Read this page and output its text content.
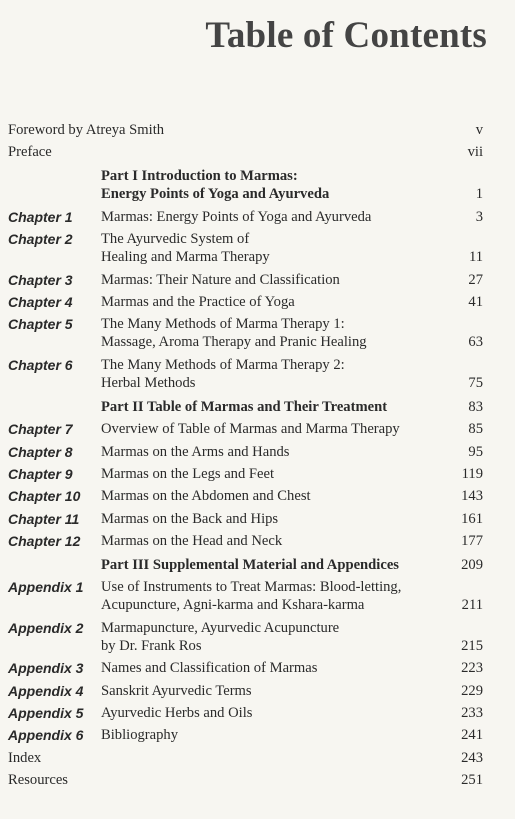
Table of Contents
Foreword by Atreya Smith	v
Preface	vii
Part I Introduction to Marmas:
Energy Points of Yoga and Ayurveda	1
Chapter 1	Marmas: Energy Points of Yoga and Ayurveda	3
Chapter 2	The Ayurvedic System of
Healing and Marma Therapy	11
Chapter 3	Marmas: Their Nature and Classification	27
Chapter 4	Marmas and the Practice of Yoga	41
Chapter 5	The Many Methods of Marma Therapy 1:
Massage, Aroma Therapy and Pranic Healing	63
Chapter 6	The Many Methods of Marma Therapy 2:
Herbal Methods	75
Part II Table of Marmas and Their Treatment	83
Chapter 7	Overview of Table of Marmas and Marma Therapy	85
Chapter 8	Marmas on the Arms and Hands	95
Chapter 9	Marmas on the Legs and Feet	119
Chapter 10	Marmas on the Abdomen and Chest	143
Chapter 11	Marmas on the Back and Hips	161
Chapter 12	Marmas on the Head and Neck	177
Part III Supplemental Material and Appendices	209
Appendix 1	Use of Instruments to Treat Marmas: Blood-letting,
Acupuncture, Agni-karma and Kshara-karma	211
Appendix 2	Marmapuncture, Ayurvedic Acupuncture
by Dr. Frank Ros	215
Appendix 3	Names and Classification of Marmas	223
Appendix 4	Sanskrit Ayurvedic Terms	229
Appendix 5	Ayurvedic Herbs and Oils	233
Appendix 6	Bibliography	241
Index	243
Resources	251
